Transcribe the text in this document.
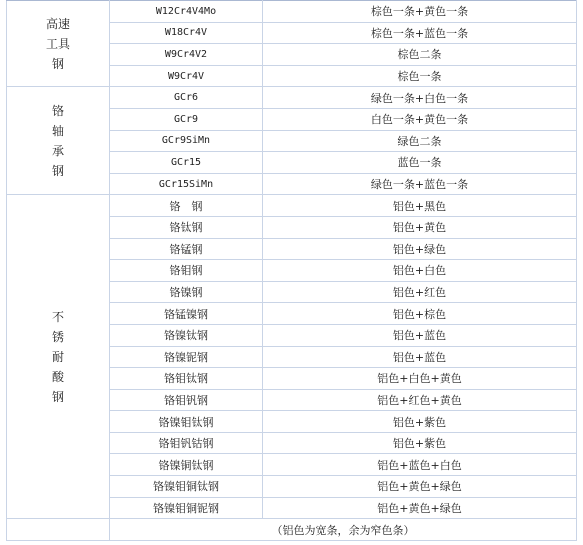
高速
工具
钢	W12Cr4V4Mo	棕色一条+黄色一条
	W18Cr4V	棕色一条+蓝色一条
	W9Cr4V2	棕色二条
	W9Cr4V	棕色一条
铬
轴
承
钢	GCr6	绿色一条+白色一条
	GCr9	白色一条+黄色一条
	GCr9SiMn	绿色二条
	GCr15	蓝色一条
	GCr15SiMn	绿色一条+蓝色一条
不
锈
耐
酸
钢	铬　钢	铝色+黑色
	铬钛钢	铝色+黄色
	铬锰钢	铝色+绿色
	铬钼钢	铝色+白色
	铬镍钢	铝色+红色
	铬锰镍钢	铝色+棕色
	铬镍钛钢	铝色+蓝色
	铬镍铌钢	铝色+蓝色
	铬钼钛钢	铝色+白色+黄色
	铬钼钒钢	铝色+红色+黄色
	铬镍钼钛钢	铝色+紫色
	铬钼钒钴钢	铝色+紫色
	铬镍铜钛钢	铝色+蓝色+白色
	铬镍钼铜钛钢	铝色+黄色+绿色
	铬镍钼铜铌钢	铝色+黄色+绿色
	（铝色为宽条，余为窄色条）	
